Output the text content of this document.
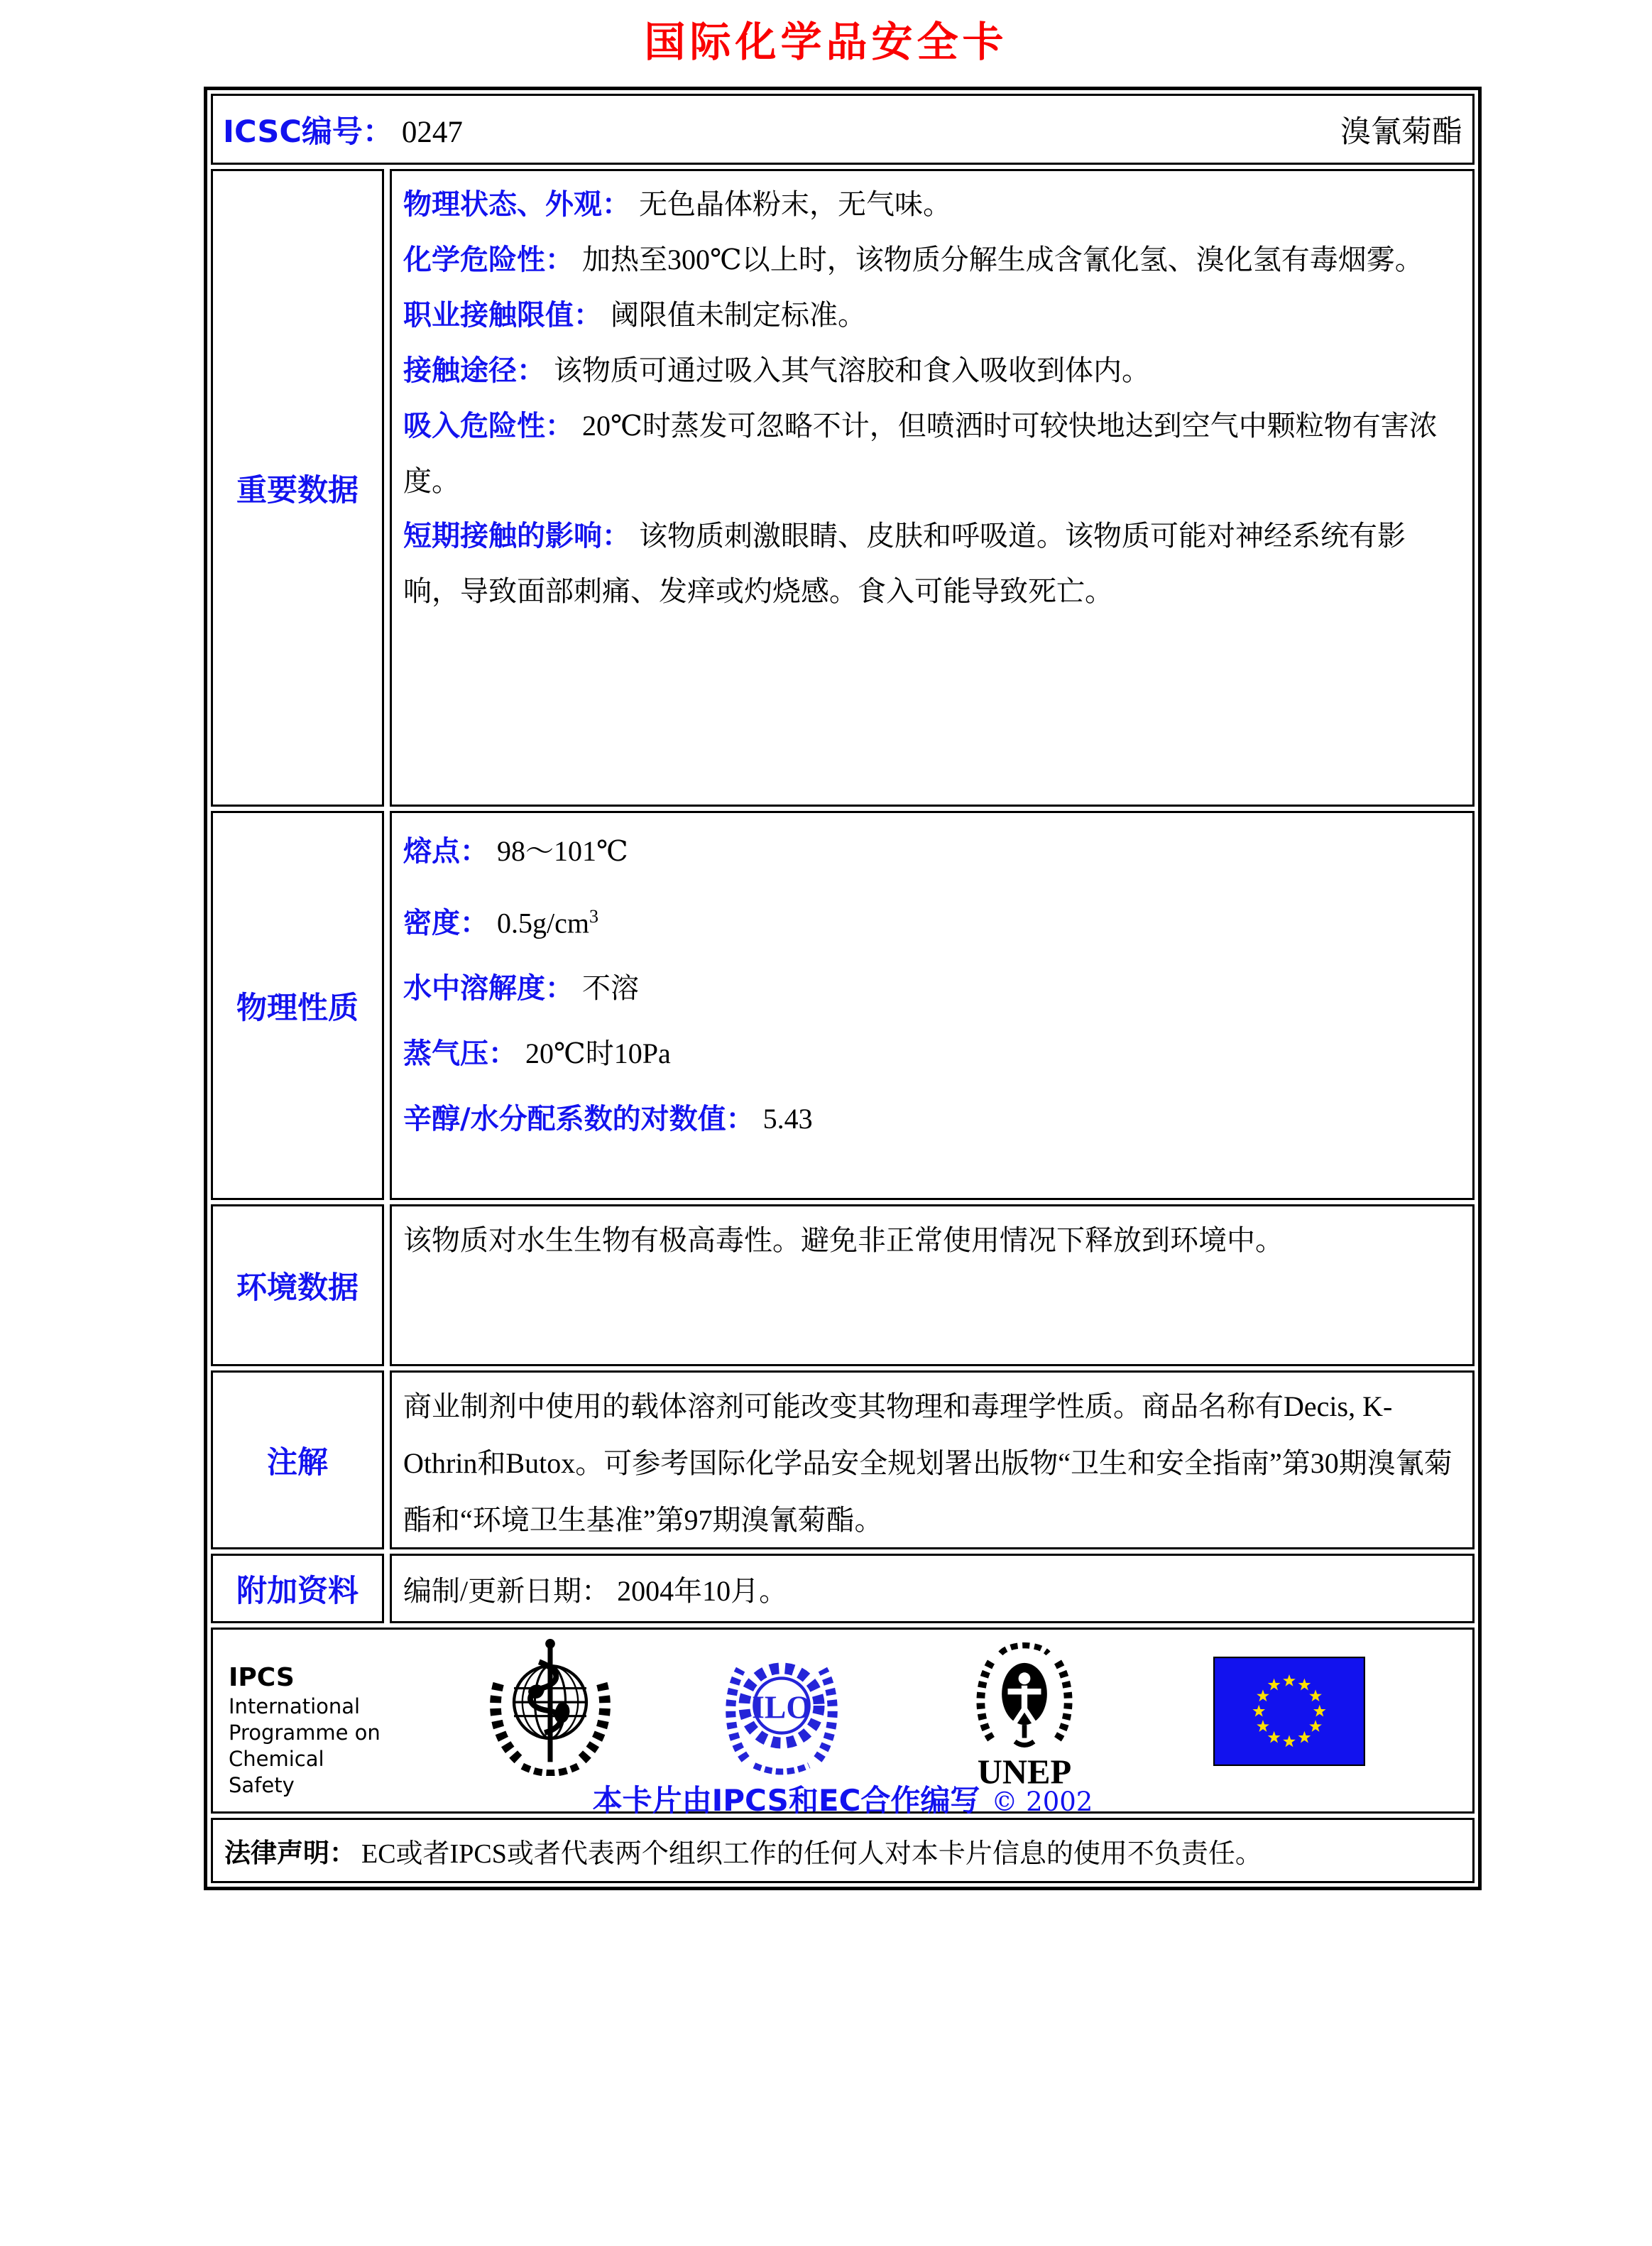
国际化学品安全卡
ICSC编号： 0247	溴氰菊酯
重要数据
物理状态、外观： 无色晶体粉末，无气味。
化学危险性： 加热至300℃以上时，该物质分解生成含氰化氢、溴化氢有毒烟雾。
职业接触限值： 阈限值未制定标准。
接触途径： 该物质可通过吸入其气溶胶和食入吸收到体内。
吸入危险性： 20℃时蒸发可忽略不计，但喷洒时可较快地达到空气中颗粒物有害浓度。
短期接触的影响： 该物质刺激眼睛、皮肤和呼吸道。该物质可能对神经系统有影响，导致面部刺痛、发痒或灼烧感。食入可能导致死亡。
物理性质
熔点： 98～101℃
密度： $0.5g/cm^3$
水中溶解度： 不溶
蒸气压： 20℃时10Pa
辛醇/水分配系数的对数值： 5.43
环境数据
该物质对水生生物有极高毒性。避免非正常使用情况下释放到环境中。
注解
商业制剂中使用的载体溶剂可能改变其物理和毒理学性质。商品名称有Decis, K-Othrin和Butox。可参考国际化学品安全规划署出版物“卫生和安全指南”第30期溴氰菊酯和“环境卫生基准”第97期溴氰菊酯。
附加资料 编制/更新日期：
2004年10月。
IPCS
International
Programme on
Chemical Safety
ILO
UNEP
本卡片由IPCS和EC合作编写 © 2002
法律声明： EC或者IPCS或者代表两个组织工作的任何人对本卡片信息的使用不负责任。
